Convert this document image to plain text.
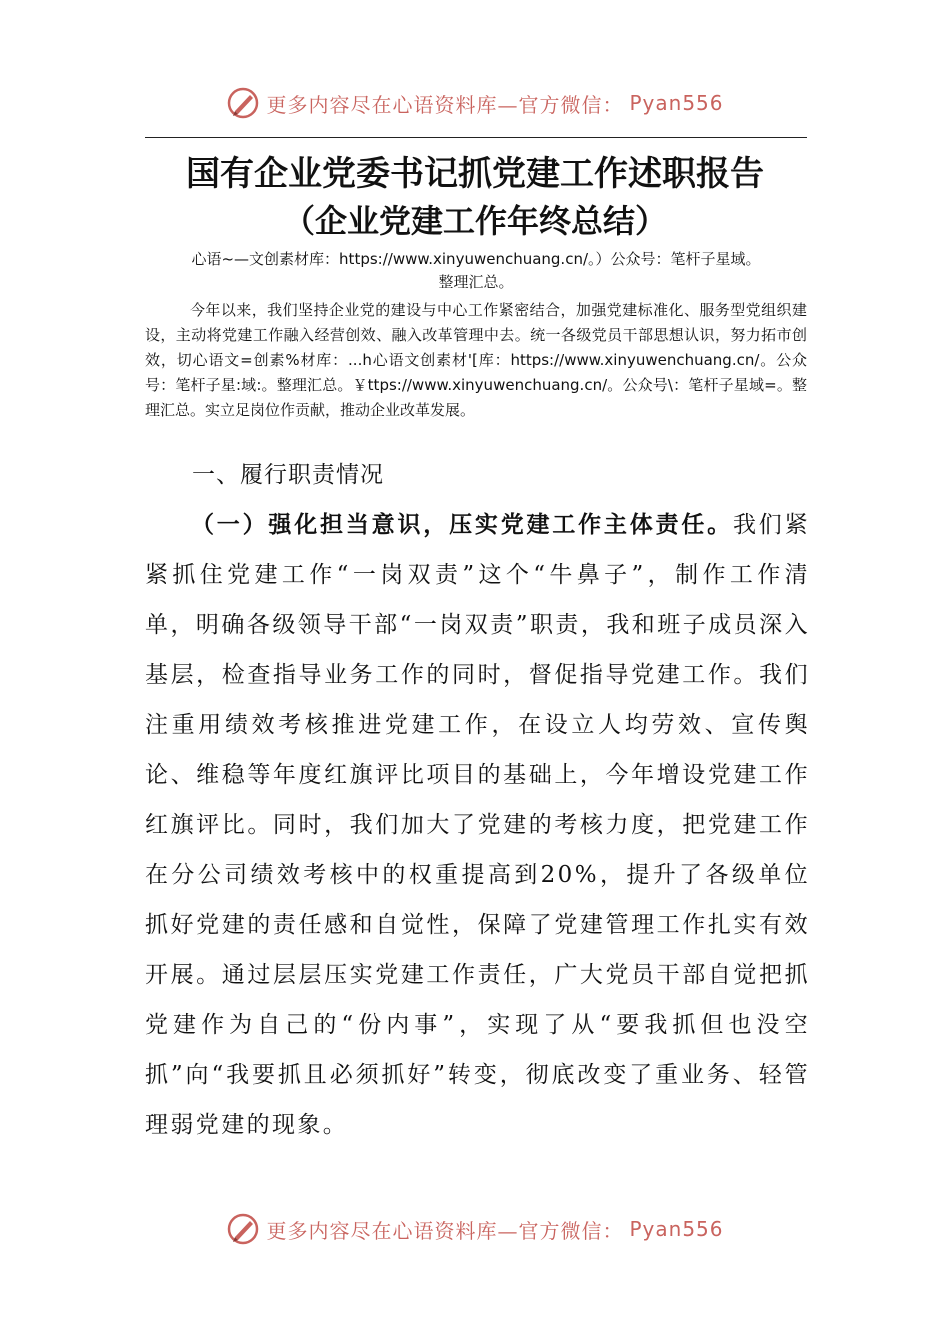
更多内容尽在心语资料库—官方微信： Pyan556
国有企业党委书记抓党建工作述职报告
（企业党建工作年终总结）
心语~—文创素材库：https://www.xinyuwenchuang.cn/。）公众号：笔杆子星域。
整理汇总。
今年以来，我们坚持企业党的建设与中心工作紧密结合，加强党建标准化、服务型党组织建设，主动将党建工作融入经营创效、融入改革管理中去。统一各级党员干部思想认识，努力拓市创效，切心语文=创素%材库：...h心语文创素材'[库：https://www.xinyuwenchuang.cn/。公众号：笔杆子星:域:。整理汇总。￥ttps://www.xinyuwenchuang.cn/。公众号\：笔杆子星域=。整理汇总。实立足岗位作贡献，推动企业改革发展。
一、履行职责情况
（一）强化担当意识，压实党建工作主体责任。我们紧紧抓住党建工作“一岗双责”这个“牛鼻子”，制作工作清单，明确各级领导干部“一岗双责”职责，我和班子成员深入基层，检查指导业务工作的同时，督促指导党建工作。我们注重用绩效考核推进党建工作，在设立人均劳效、宣传舆论、维稳等年度红旗评比项目的基础上，今年增设党建工作红旗评比。同时，我们加大了党建的考核力度，把党建工作在分公司绩效考核中的权重提高到20%，提升了各级单位抓好党建的责任感和自觉性，保障了党建管理工作扎实有效开展。通过层层压实党建工作责任，广大党员干部自觉把抓党建作为自己的“份内事”，实现了从“要我抓但也没空抓”向“我要抓且必须抓好”转变，彻底改变了重业务、轻管理弱党建的现象。
更多内容尽在心语资料库—官方微信： Pyan556
